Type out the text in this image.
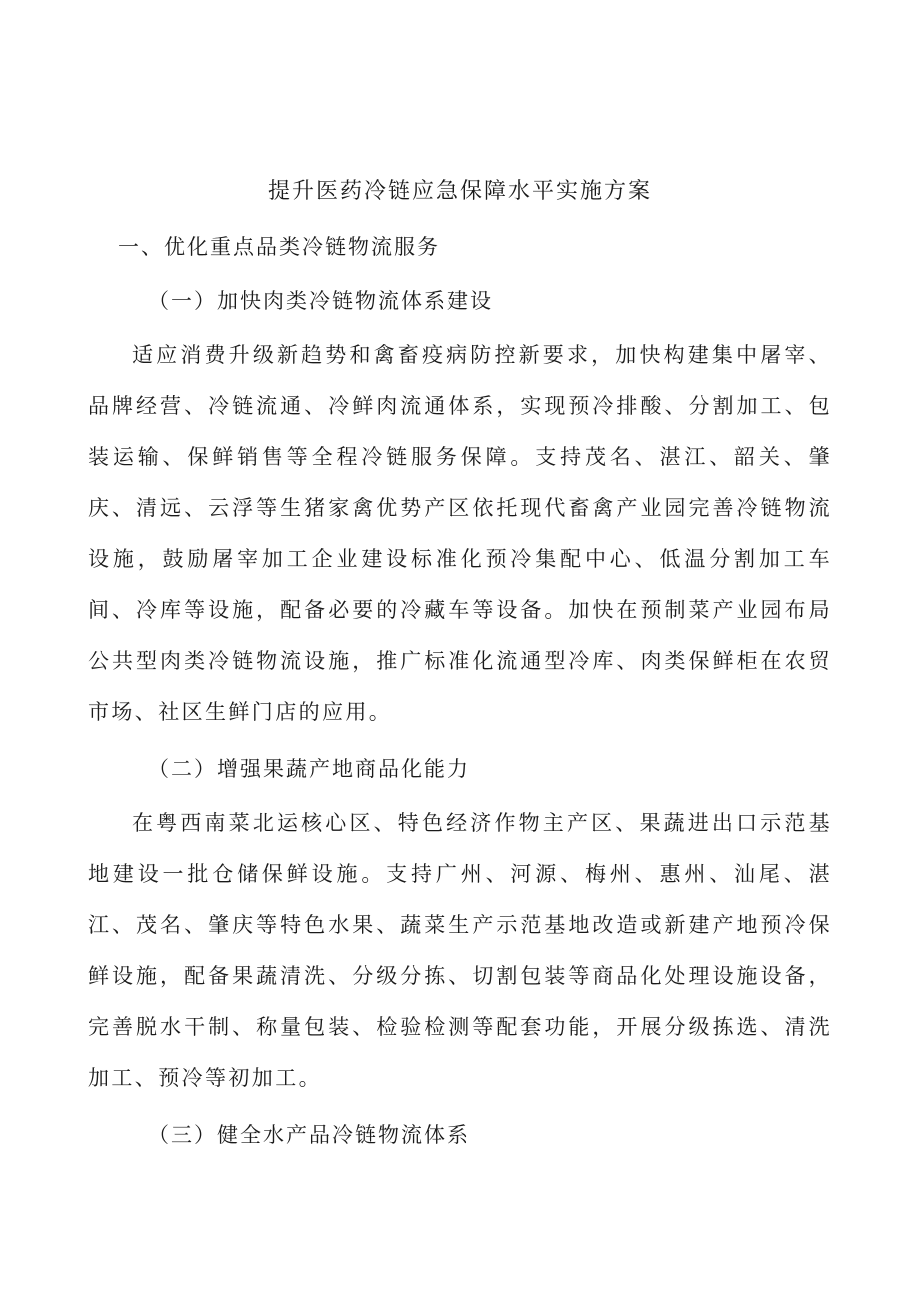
提升医药冷链应急保障水平实施方案
一、优化重点品类冷链物流服务
（一）加快肉类冷链物流体系建设

适应消费升级新趋势和禽畜疫病防控新要求，加快构建集中屠宰、品牌经营、冷链流通、冷鲜肉流通体系，实现预冷排酸、分割加工、包装运输、保鲜销售等全程冷链服务保障。支持茂名、湛江、韶关、肇庆、清远、云浮等生猪家禽优势产区依托现代畜禽产业园完善冷链物流设施，鼓励屠宰加工企业建设标准化预冷集配中心、低温分割加工车间、冷库等设施，配备必要的冷藏车等设备。加快在预制菜产业园布局公共型肉类冷链物流设施，推广标准化流通型冷库、肉类保鲜柜在农贸市场、社区生鲜门店的应用。

（二）增强果蔬产地商品化能力

在粤西南菜北运核心区、特色经济作物主产区、果蔬进出口示范基地建设一批仓储保鲜设施。支持广州、河源、梅州、惠州、汕尾、湛江、茂名、肇庆等特色水果、蔬菜生产示范基地改造或新建产地预冷保鲜设施，配备果蔬清洗、分级分拣、切割包装等商品化处理设施设备，完善脱水干制、称量包装、检验检测等配套功能，开展分级拣选、清洗加工、预冷等初加工。

（三）健全水产品冷链物流体系
